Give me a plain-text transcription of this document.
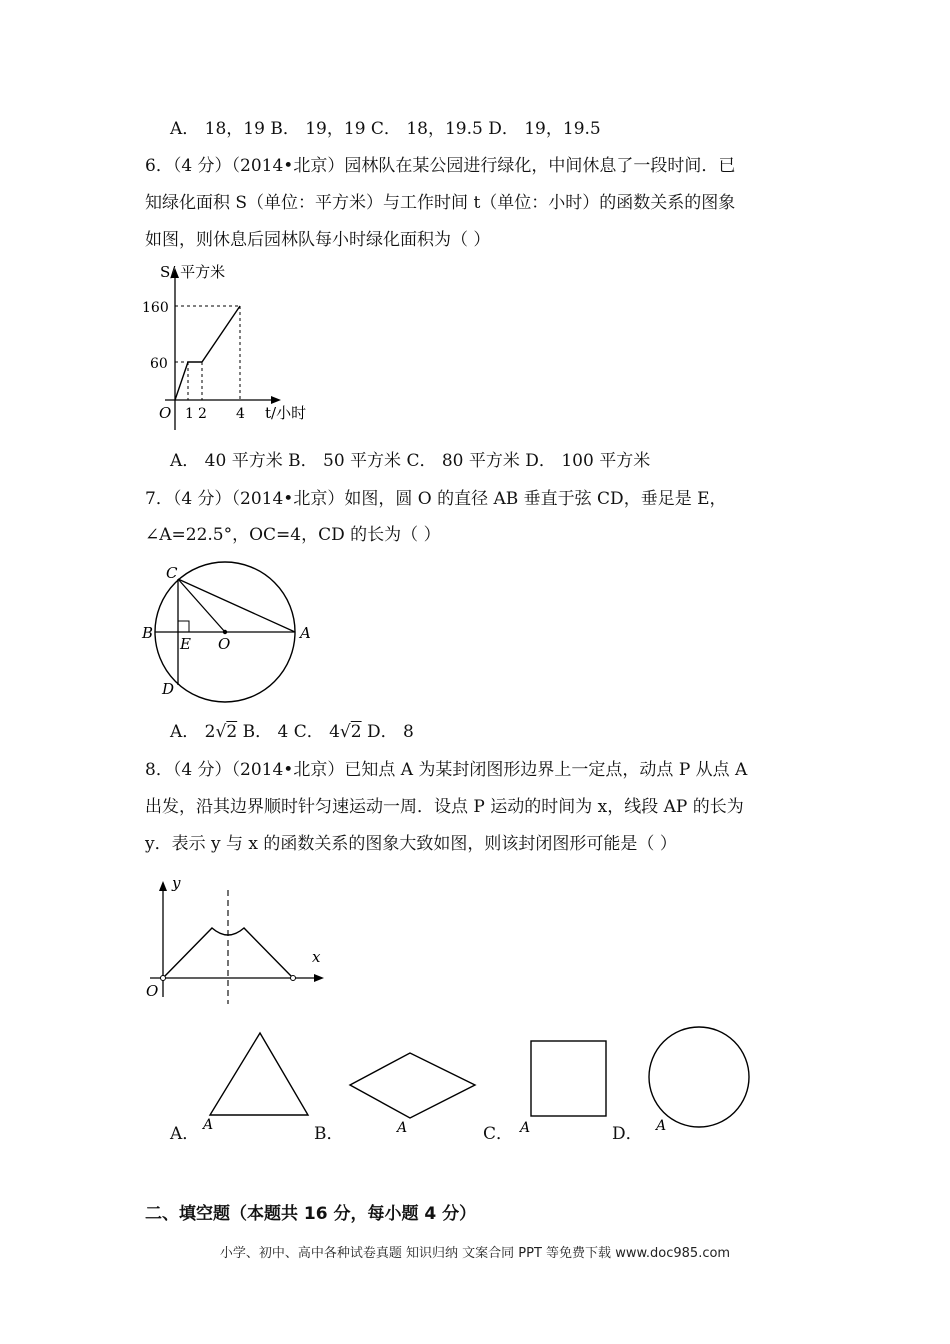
A． 18，19 B． 19，19 C． 18，19.5 D． 19，19.5
6．（4 分）（2014•北京）园林队在某公园进行绿化，中间休息了一段时间．已
知绿化面积 S（单位：平方米）与工作时间 t（单位：小时）的函数关系的图象
如图，则休息后园林队每小时绿化面积为（ ）
S/ 平方米
160
60
O 1 2 4 t/小时
A． 40 平方米 B． 50 平方米 C． 80 平方米 D． 100 平方米
7．（4 分）（2014•北京）如图，圆 O 的直径 AB 垂直于弦 CD，垂足是 E，
∠A=22.5°，OC=4，CD 的长为（ ）
C
B
E O
A
D
A． 2√2 B． 4 C． 4√2 D． 8
8．（4 分）（2014•北京）已知点 A 为某封闭图形边界上一定点，动点 P 从点 A
出发，沿其边界顺时针匀速运动一周．设点 P 运动的时间为 x，线段 AP 的长为
y．表示 y 与 x 的函数关系的图象大致如图，则该封闭图形可能是（ ）
y
x
O
A
A．	A
B．	A
C．	A
D．
二、填空题（本题共 16 分，每小题 4 分）
小学、初中、高中各种试卷真题 知识归纳 文案合同 PPT 等免费下载 www.doc985.com
